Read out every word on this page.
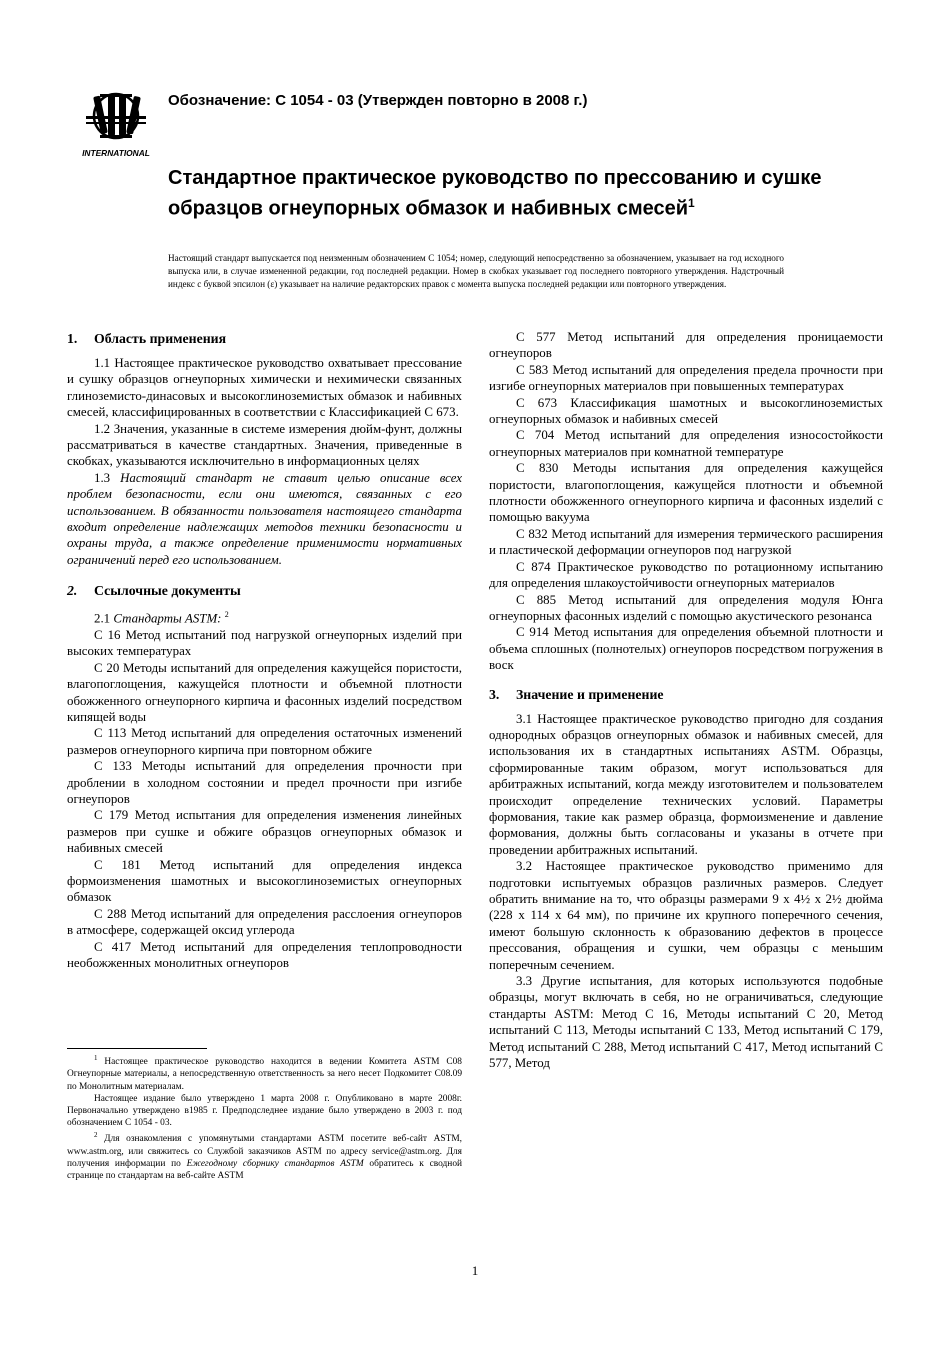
INTERNATIONAL
Обозначение: C 1054 - 03 (Утвержден повторно в 2008 г.)
Стандартное практическое руководство по прессованию и сушке образцов огнеупорных обмазок и набивных смесей$^1$
Настоящий стандарт выпускается под неизменным обозначением C 1054; номер, следующий непосредственно за обозначением, указывает на год исходного выпуска или, в случае измененной редакции, год последней редакции. Номер в скобках указывает год последнего повторного утверждения. Надстрочный индекс с буквой эпсилон (ε) указывает на наличие редакторских правок с момента выпуска последней редакции или повторного утверждения.
1. Область применения

1.1 Настоящее практическое руководство охватывает прессование и сушку образцов огнеупорных химически и нехимически связанных глиноземисто-динасовых и высокоглиноземистых обмазок и набивных смесей, классифицированных в соответствии с Классификацией C 673.

1.2 Значения, указанные в системе измерения дюйм-фунт, должны рассматриваться в качестве стандартных. Значения, приведенные в скобках, указываются исключительно в информационных целях

1.3 Настоящий стандарт не ставит целью описание всех проблем безопасности, если они имеются, связанных с его использованием. В обязанности пользователя настоящего стандарта входит определение надлежащих методов техники безопасности и охраны труда, а также определение применимости нормативных ограничений перед его использованием.

2. Ссылочные документы

2.1 Стандарты ASTM: $^2$

C 16 Метод испытаний под нагрузкой огнеупорных изделий при высоких температурах

C 20 Методы испытаний для определения кажущейся пористости, влагопоглощения, кажущейся плотности и объемной плотности обожженного огнеупорного кирпича и фасонных изделий посредством кипящей воды

C 113 Метод испытаний для определения остаточных изменений размеров огнеупорного кирпича при повторном обжиге

C 133 Методы испытаний для определения прочности при дроблении в холодном состоянии и предел прочности при изгибе огнеупоров

C 179 Метод испытания для определения изменения линейных размеров при сушке и обжиге образцов огнеупорных обмазок и набивных смесей

C 181 Метод испытаний для определения индекса формоизменения шамотных и высокоглиноземистых огнеупорных обмазок

C 288 Метод испытаний для определения расслоения огнеупоров в атмосфере, содержащей оксид углерода

C 417 Метод испытаний для определения теплопроводности необожженных монолитных огнеупоров

C 577 Метод испытаний для определения проницаемости огнеупоров

C 583 Метод испытаний для определения предела прочности при изгибе огнеупорных материалов при повышенных температурах

C 673 Классификация шамотных и высокоглиноземистых огнеупорных обмазок и набивных смесей

C 704 Метод испытаний для определения износостойкости огнеупорных материалов при комнатной температуре

C 830 Методы испытания для определения кажущейся пористости, влагопоглощения, кажущейся плотности и объемной плотности обожженного огнеупорного кирпича и фасонных изделий с помощью вакуума

C 832 Метод испытаний для измерения термического расширения и пластической деформации огнеупоров под нагрузкой

C 874 Практическое руководство по ротационному испытанию для определения шлакоустойчивости огнеупорных материалов

C 885 Метод испытаний для определения модуля Юнга огнеупорных фасонных изделий с помощью акустического резонанса

C 914 Метод испытания для определения объемной плотности и объема сплошных (полнотелых) огнеупоров посредством погружения в воск

3. Значение и применение

3.1 Настоящее практическое руководство пригодно для создания однородных образцов огнеупорных обмазок и набивных смесей, для использования их в стандартных испытаниях ASTM. Образцы, сформированные таким образом, могут использоваться для арбитражных испытаний, когда между изготовителем и пользователем происходит определение технических условий. Параметры формования, такие как размер образца, формоизменение и давление формования, должны быть согласованы и указаны в отчете при проведении арбитражных испытаний.

3.2 Настоящее практическое руководство применимо для подготовки испытуемых образцов различных размеров. Следует обратить внимание на то, что образцы размерами 9 x 4½ x 2½ дюйма (228 x 114 x 64 мм), по причине их крупного поперечного сечения, имеют большую склонность к образованию дефектов в процессе прессования, обращения и сушки, чем образцы с меньшим поперечным сечением.

3.3 Другие испытания, для которых используются подобные образцы, могут включать в себя, но не ограничиваться, следующие стандарты ASTM: Метод C 16, Методы испытаний C 20, Метод испытаний C 113, Методы испытаний C 133, Метод испытаний C 179, Метод испытаний C 288, Метод испытаний C 417, Метод испытаний C 577, Метод

$^1$ Настоящее практическое руководство находится в ведении Комитета ASTM C08 Огнеупорные материалы, а непосредственную ответственность за него несет Подкомитет C08.09 по Монолитным материалам.

Настоящее издание было утверждено 1 марта 2008 г. Опубликовано в марте 2008г. Первоначально утверждено в1985 г. Предподследнее издание было утверждено в 2003 г. под обозначением C 1054 - 03.

$^2$ Для ознакомления с упомянутыми стандартами ASTM посетите веб-сайт ASTM, www.astm.org, или свяжитесь со Службой заказчиков ASTM по адресу service@astm.org. Для получения информации по Ежегодному сборнику стандартов ASTM обратитесь к сводной странице по стандартам на веб-сайте ASTM

1
